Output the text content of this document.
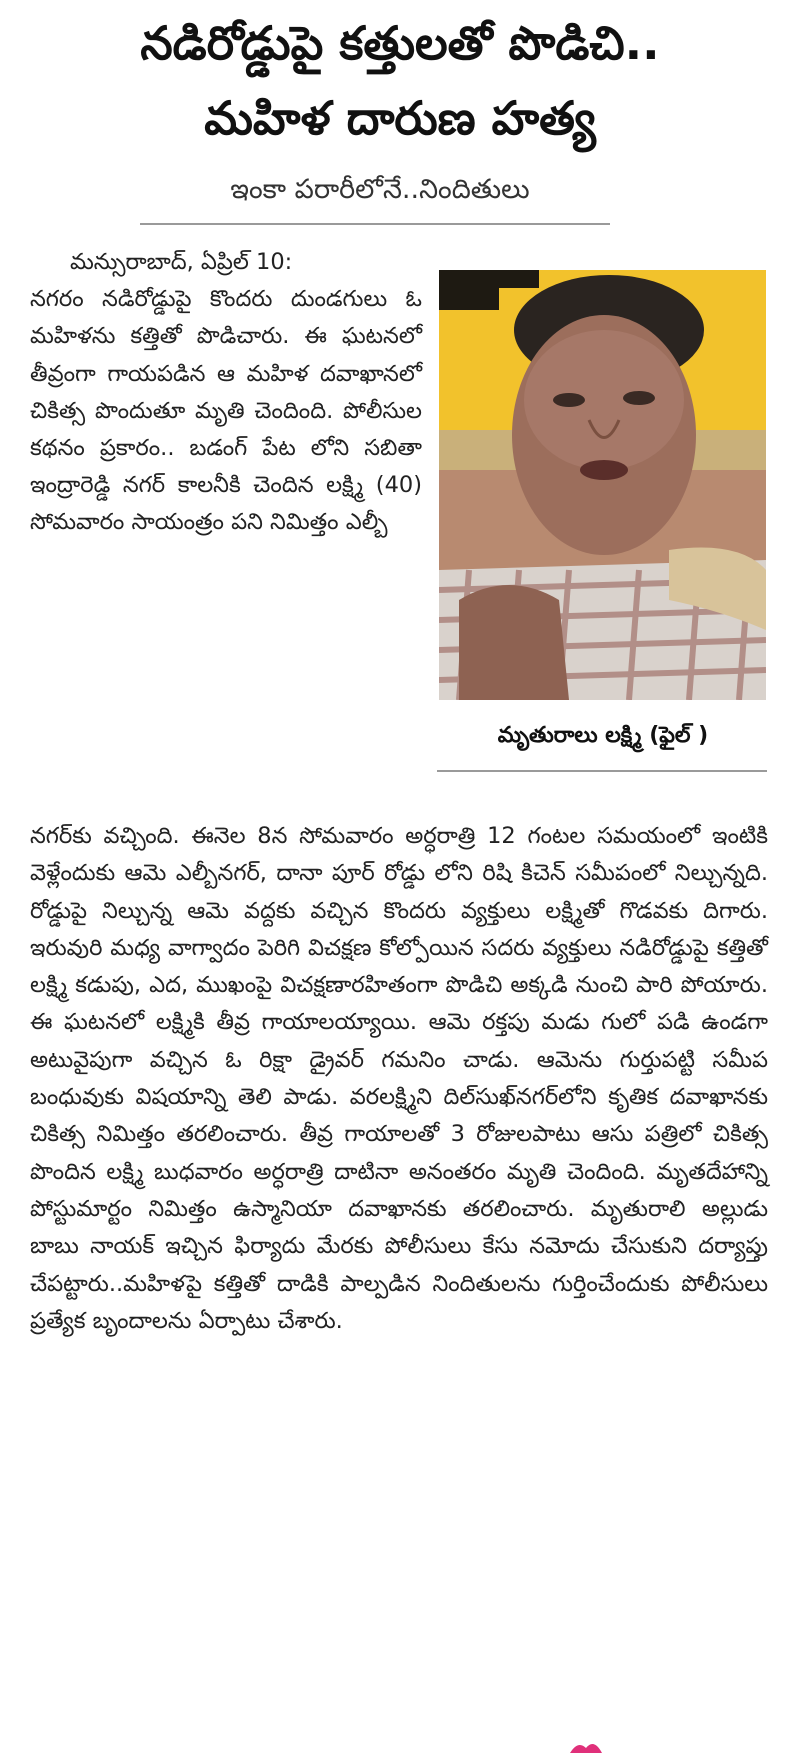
నడిరోడ్డుపై కత్తులతో పొడిచి..
మహిళ దారుణ హత్య
ఇంకా పరారీలోనే..నిందితులు
మన్సురాబాద్, ఏప్రిల్ 10:
నగరం నడిరోడ్డుపై కొందరు దుండగులు ఓ మహిళను కత్తితో పొడిచారు. ఈ ఘటనలో తీవ్రంగా గాయపడిన ఆ మహిళ దవాఖానలో చికిత్స పొందుతూ మృతి చెందింది. పోలీసుల కథనం ప్రకారం.. బడంగ్ పేట లోని సబితా ఇంద్రారెడ్డి నగర్ కాలనీకి చెందిన లక్ష్మి (40) సోమవారం సాయంత్రం పని నిమిత్తం ఎల్బీ
మృతురాలు లక్ష్మి (ఫైల్ )
నగర్‌కు వచ్చింది. ఈనెల 8న సోమవారం అర్ధరాత్రి 12 గంటల సమయంలో ఇంటికి వెళ్లేందుకు ఆమె ఎల్బీనగర్, దానా పూర్ రోడ్డు లోని రిషి కిచెన్ సమీపంలో నిల్చున్నది. రోడ్డుపై నిల్చున్న ఆమె వద్దకు వచ్చిన కొందరు వ్యక్తులు లక్ష్మితో గొడవకు దిగారు. ఇరువురి మధ్య వాగ్వాదం పెరిగి విచక్షణ కోల్పోయిన సదరు వ్యక్తులు నడిరోడ్డుపై కత్తితో లక్ష్మి కడుపు, ఎద, ముఖంపై విచక్షణారహితంగా పొడిచి అక్కడి నుంచి పారి పోయారు. ఈ ఘటనలో లక్ష్మికి తీవ్ర గాయాలయ్యాయి. ఆమె రక్తపు మడు గులో పడి ఉండగా అటువైపుగా వచ్చిన ఓ రిక్షా డ్రైవర్ గమనిం చాడు. ఆమెను గుర్తుపట్టి సమీప బంధువుకు విషయాన్ని తెలి పాడు. వరలక్ష్మిని దిల్‌సుఖ్‌నగర్‌లోని కృతిక దవాఖానకు చికిత్స నిమిత్తం తరలించారు. తీవ్ర గాయాలతో 3 రోజులపాటు ఆసు పత్రిలో చికిత్స పొందిన లక్ష్మి బుధవారం అర్ధరాత్రి దాటినా అనంతరం మృతి చెందింది. మృతదేహాన్ని పోస్టుమార్టం నిమిత్తం ఉస్మానియా దవాఖానకు తరలించారు. మృతురాలి అల్లుడు బాబు నాయక్ ఇచ్చిన ఫిర్యాదు మేరకు పోలీసులు కేసు నమోదు చేసుకుని దర్యాప్తు చేపట్టారు..మహిళపై కత్తితో దాడికి పాల్పడిన నిందితులను గుర్తించేందుకు పోలీసులు ప్రత్యేక బృందాలను ఏర్పాటు చేశారు.
